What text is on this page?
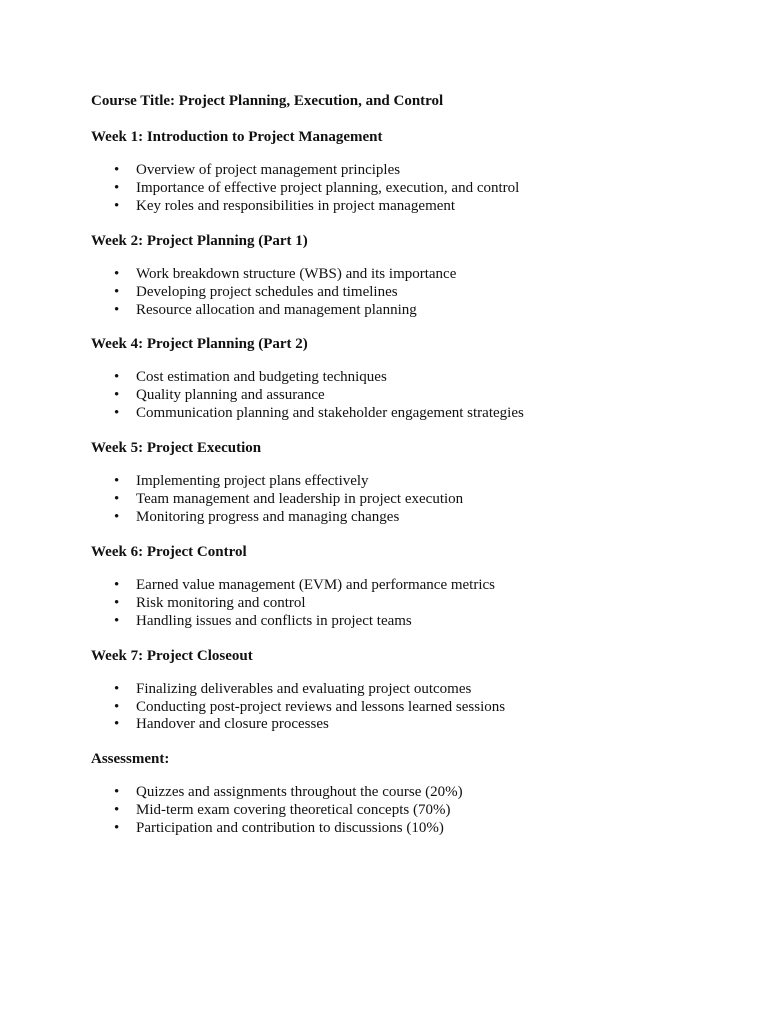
Course Title: Project Planning, Execution, and Control
Week 1: Introduction to Project Management
• Overview of project management principles
• Importance of effective project planning, execution, and control
• Key roles and responsibilities in project management
Week 2: Project Planning (Part 1)
• Work breakdown structure (WBS) and its importance
• Developing project schedules and timelines
• Resource allocation and management planning
Week 4: Project Planning (Part 2)
• Cost estimation and budgeting techniques
• Quality planning and assurance
• Communication planning and stakeholder engagement strategies
Week 5: Project Execution
• Implementing project plans effectively
• Team management and leadership in project execution
• Monitoring progress and managing changes
Week 6: Project Control
• Earned value management (EVM) and performance metrics
• Risk monitoring and control
• Handling issues and conflicts in project teams
Week 7: Project Closeout
• Finalizing deliverables and evaluating project outcomes
• Conducting post-project reviews and lessons learned sessions
• Handover and closure processes
Assessment:
• Quizzes and assignments throughout the course (20%)
• Mid-term exam covering theoretical concepts (70%)
• Participation and contribution to discussions (10%)
